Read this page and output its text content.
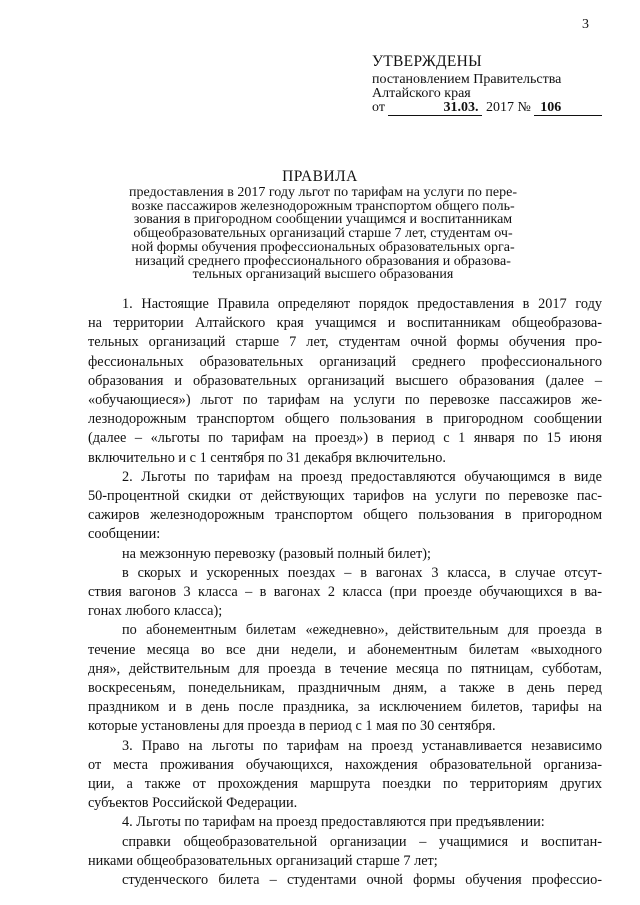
3
УТВЕРЖДЕНЫ
постановлением Правительства
Алтайского края
от	31.03. 2017 № 106
ПРАВИЛА
предоставления в 2017 году льгот по тарифам на услуги по пере-
возке пассажиров железнодорожным транспортом общего поль-
зования в пригородном сообщении учащимся и воспитанникам
общеобразовательных организаций старше 7 лет, студентам оч-
ной формы обучения профессиональных образовательных орга-
низаций среднего профессионального образования и образова-
тельных организаций высшего образования
1. Настоящие Правила определяют порядок предоставления в 2017 году
на территории Алтайского края учащимся и воспитанникам общеобразова-
тельных организаций старше 7 лет, студентам очной формы обучения про-
фессиональных образовательных организаций среднего профессионального
образования и образовательных организаций высшего образования (далее –
«обучающиеся») льгот по тарифам на услуги по перевозке пассажиров же-
лезнодорожным транспортом общего пользования в пригородном сообщении
(далее – «льготы по тарифам на проезд») в период с 1 января по 15 июня
включительно и с 1 сентября по 31 декабря включительно.
2. Льготы по тарифам на проезд предоставляются обучающимся в виде
50-процентной скидки от действующих тарифов на услуги по перевозке пас-
сажиров железнодорожным транспортом общего пользования в пригородном
сообщении:
на межзонную перевозку (разовый полный билет);
в скорых и ускоренных поездах – в вагонах 3 класса, в случае отсут-
ствия вагонов 3 класса – в вагонах 2 класса (при проезде обучающихся в ва-
гонах любого класса);
по абонементным билетам «ежедневно», действительным для проезда в
течение месяца во все дни недели, и абонементным билетам «выходного
дня», действительным для проезда в течение месяца по пятницам, субботам,
воскресеньям, понедельникам, праздничным дням, а также в день перед
праздником и в день после праздника, за исключением билетов, тарифы на
которые установлены для проезда в период с 1 мая по 30 сентября.
3. Право на льготы по тарифам на проезд устанавливается независимо
от места проживания обучающихся, нахождения образовательной организа-
ции, а также от прохождения маршрута поездки по территориям других
субъектов Российской Федерации.
4. Льготы по тарифам на проезд предоставляются при предъявлении:
справки общеобразовательной организации – учащимися и воспитан-
никами общеобразовательных организаций старше 7 лет;
студенческого билета – студентами очной формы обучения профессио-
